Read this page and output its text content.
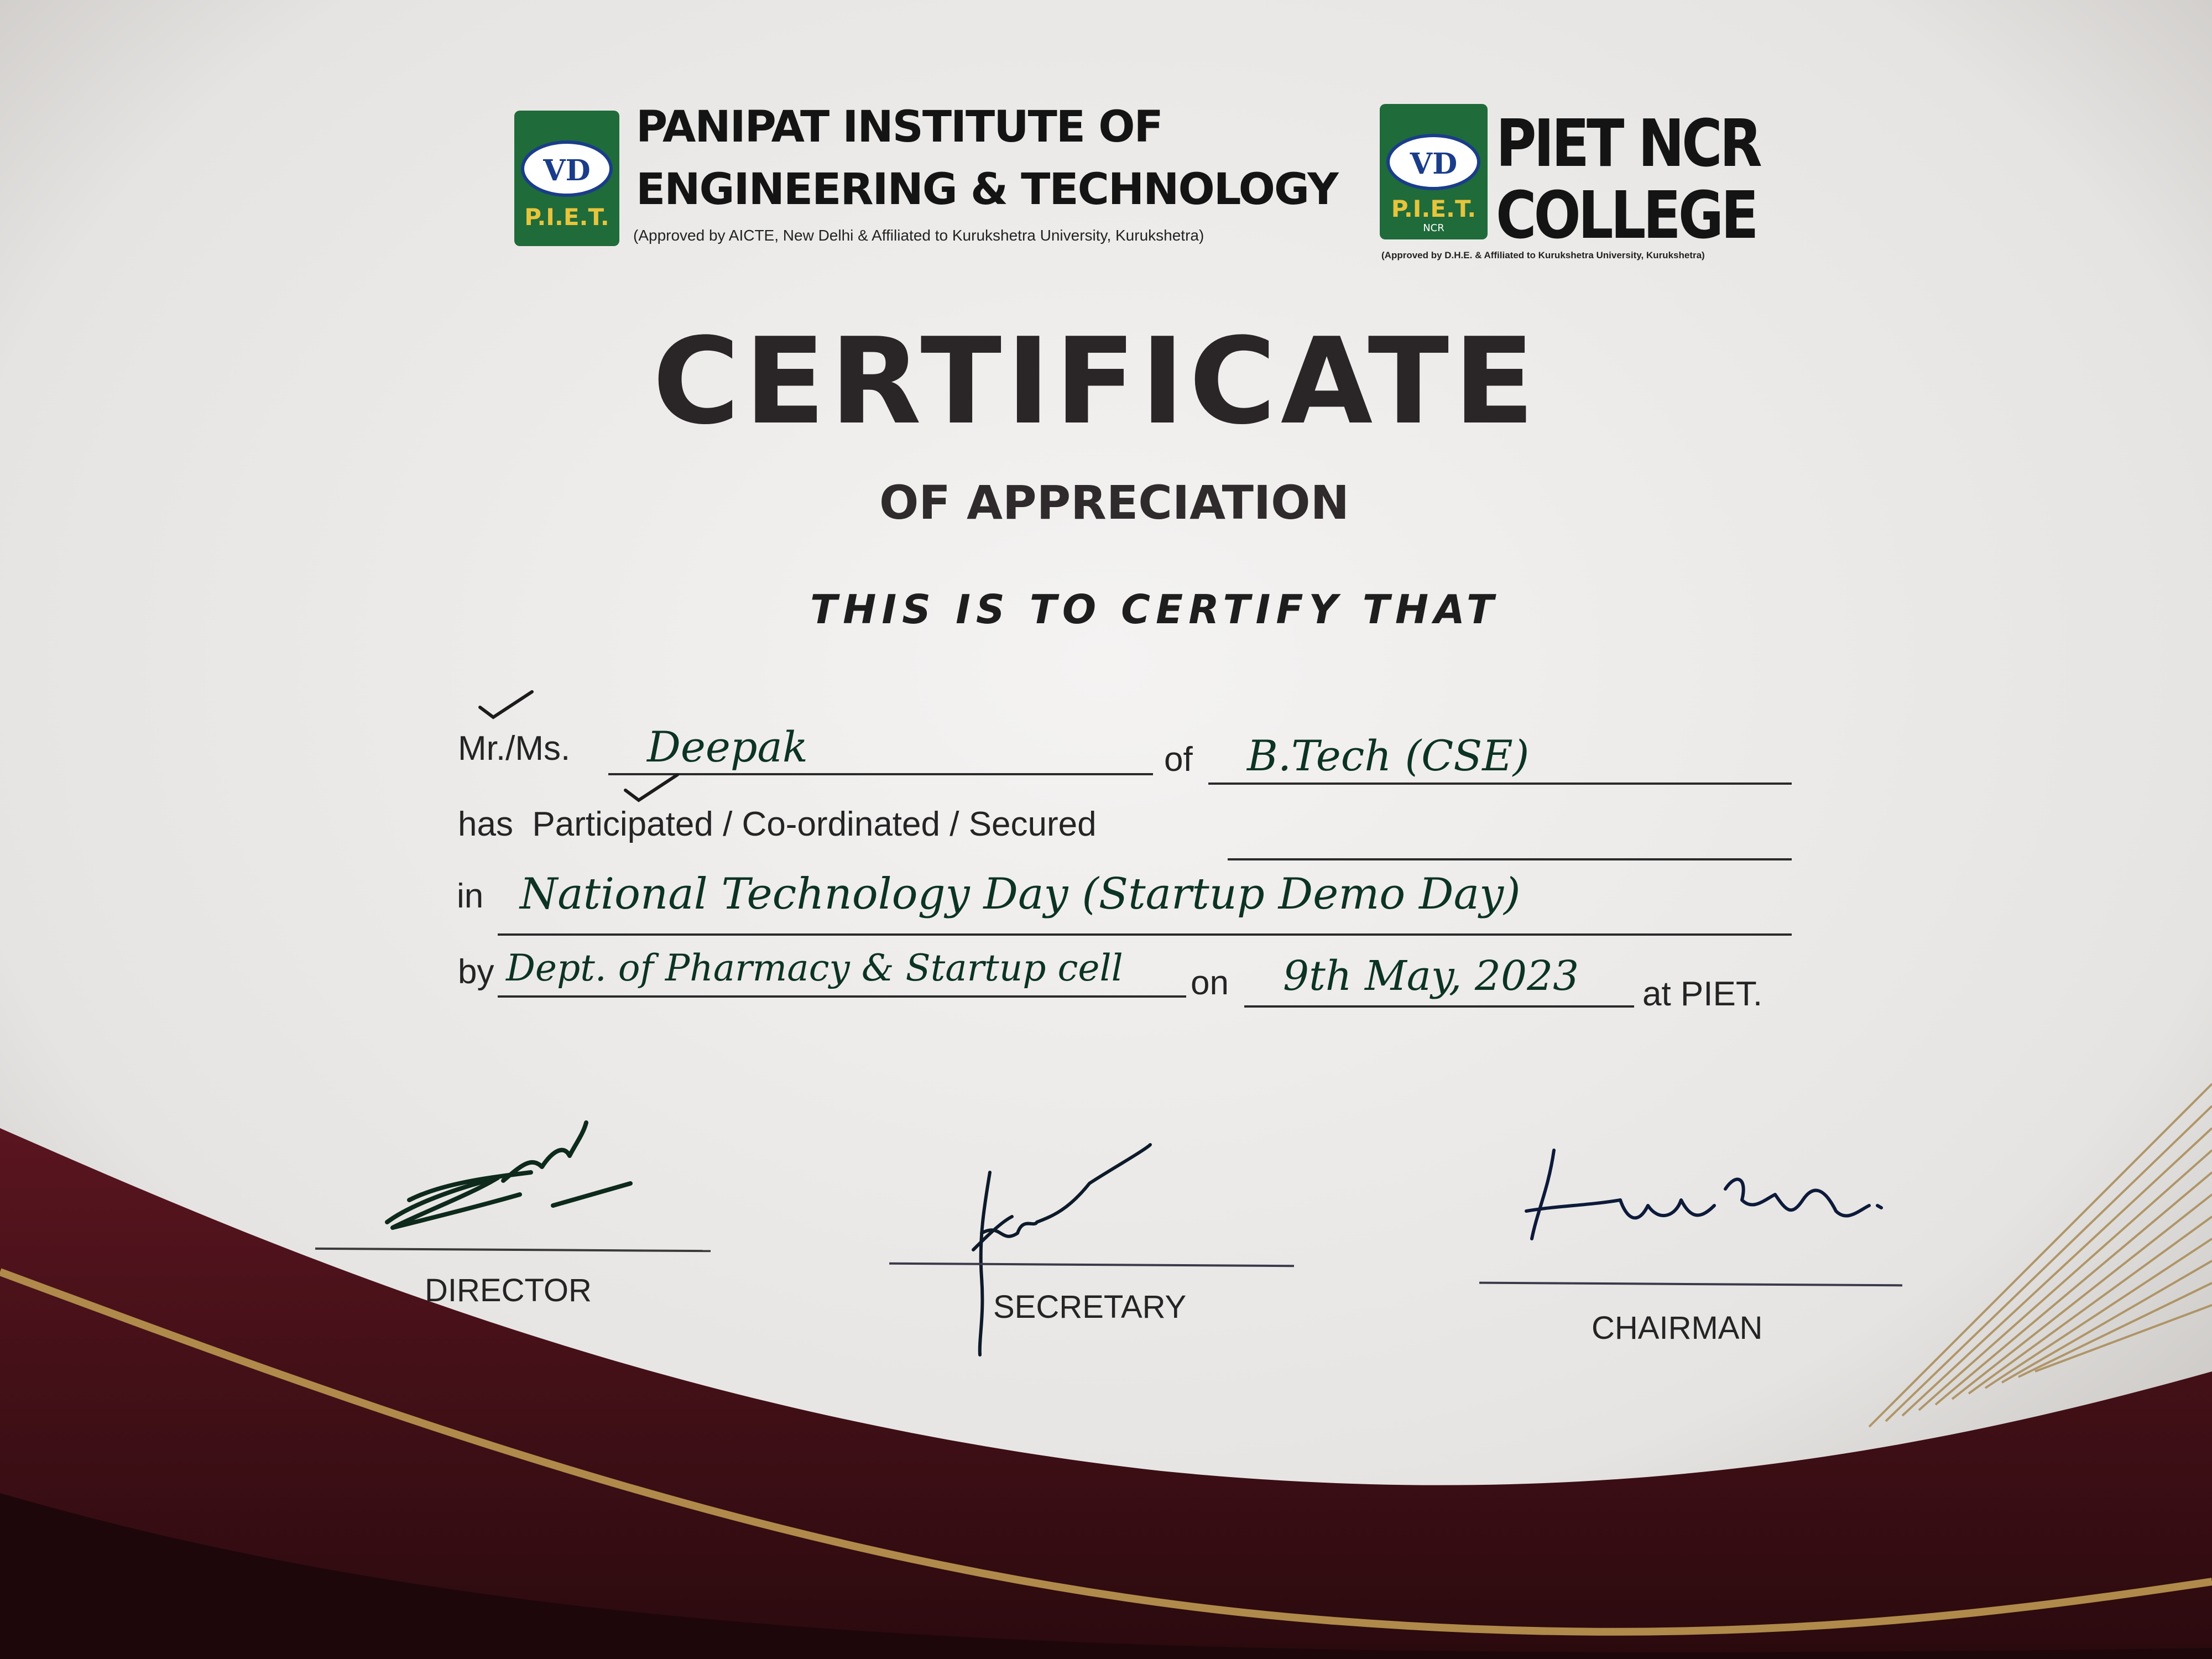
VD
P.I.E.T.
PANIPAT INSTITUTE OF
ENGINEERING & TECHNOLOGY
(Approved by AICTE, New Delhi & Affiliated to Kurukshetra University, Kurukshetra)
VD
P.I.E.T.
NCR
PIET NCR
COLLEGE
(Approved by D.H.E. & Affiliated to Kurukshetra University, Kurukshetra)
CERTIFICATE
OF APPRECIATION
THIS IS TO CERTIFY THAT
Mr./Ms. Deepak	of B.Tech (CSE)
has Participated / Co-ordinated / Secured
in National Technology Day (Startup Demo Day)
by Dept. of Pharmacy & Startup cell on 9th May, 2023 at PIET.
DIRECTOR	SECRETARY
CHAIRMAN
